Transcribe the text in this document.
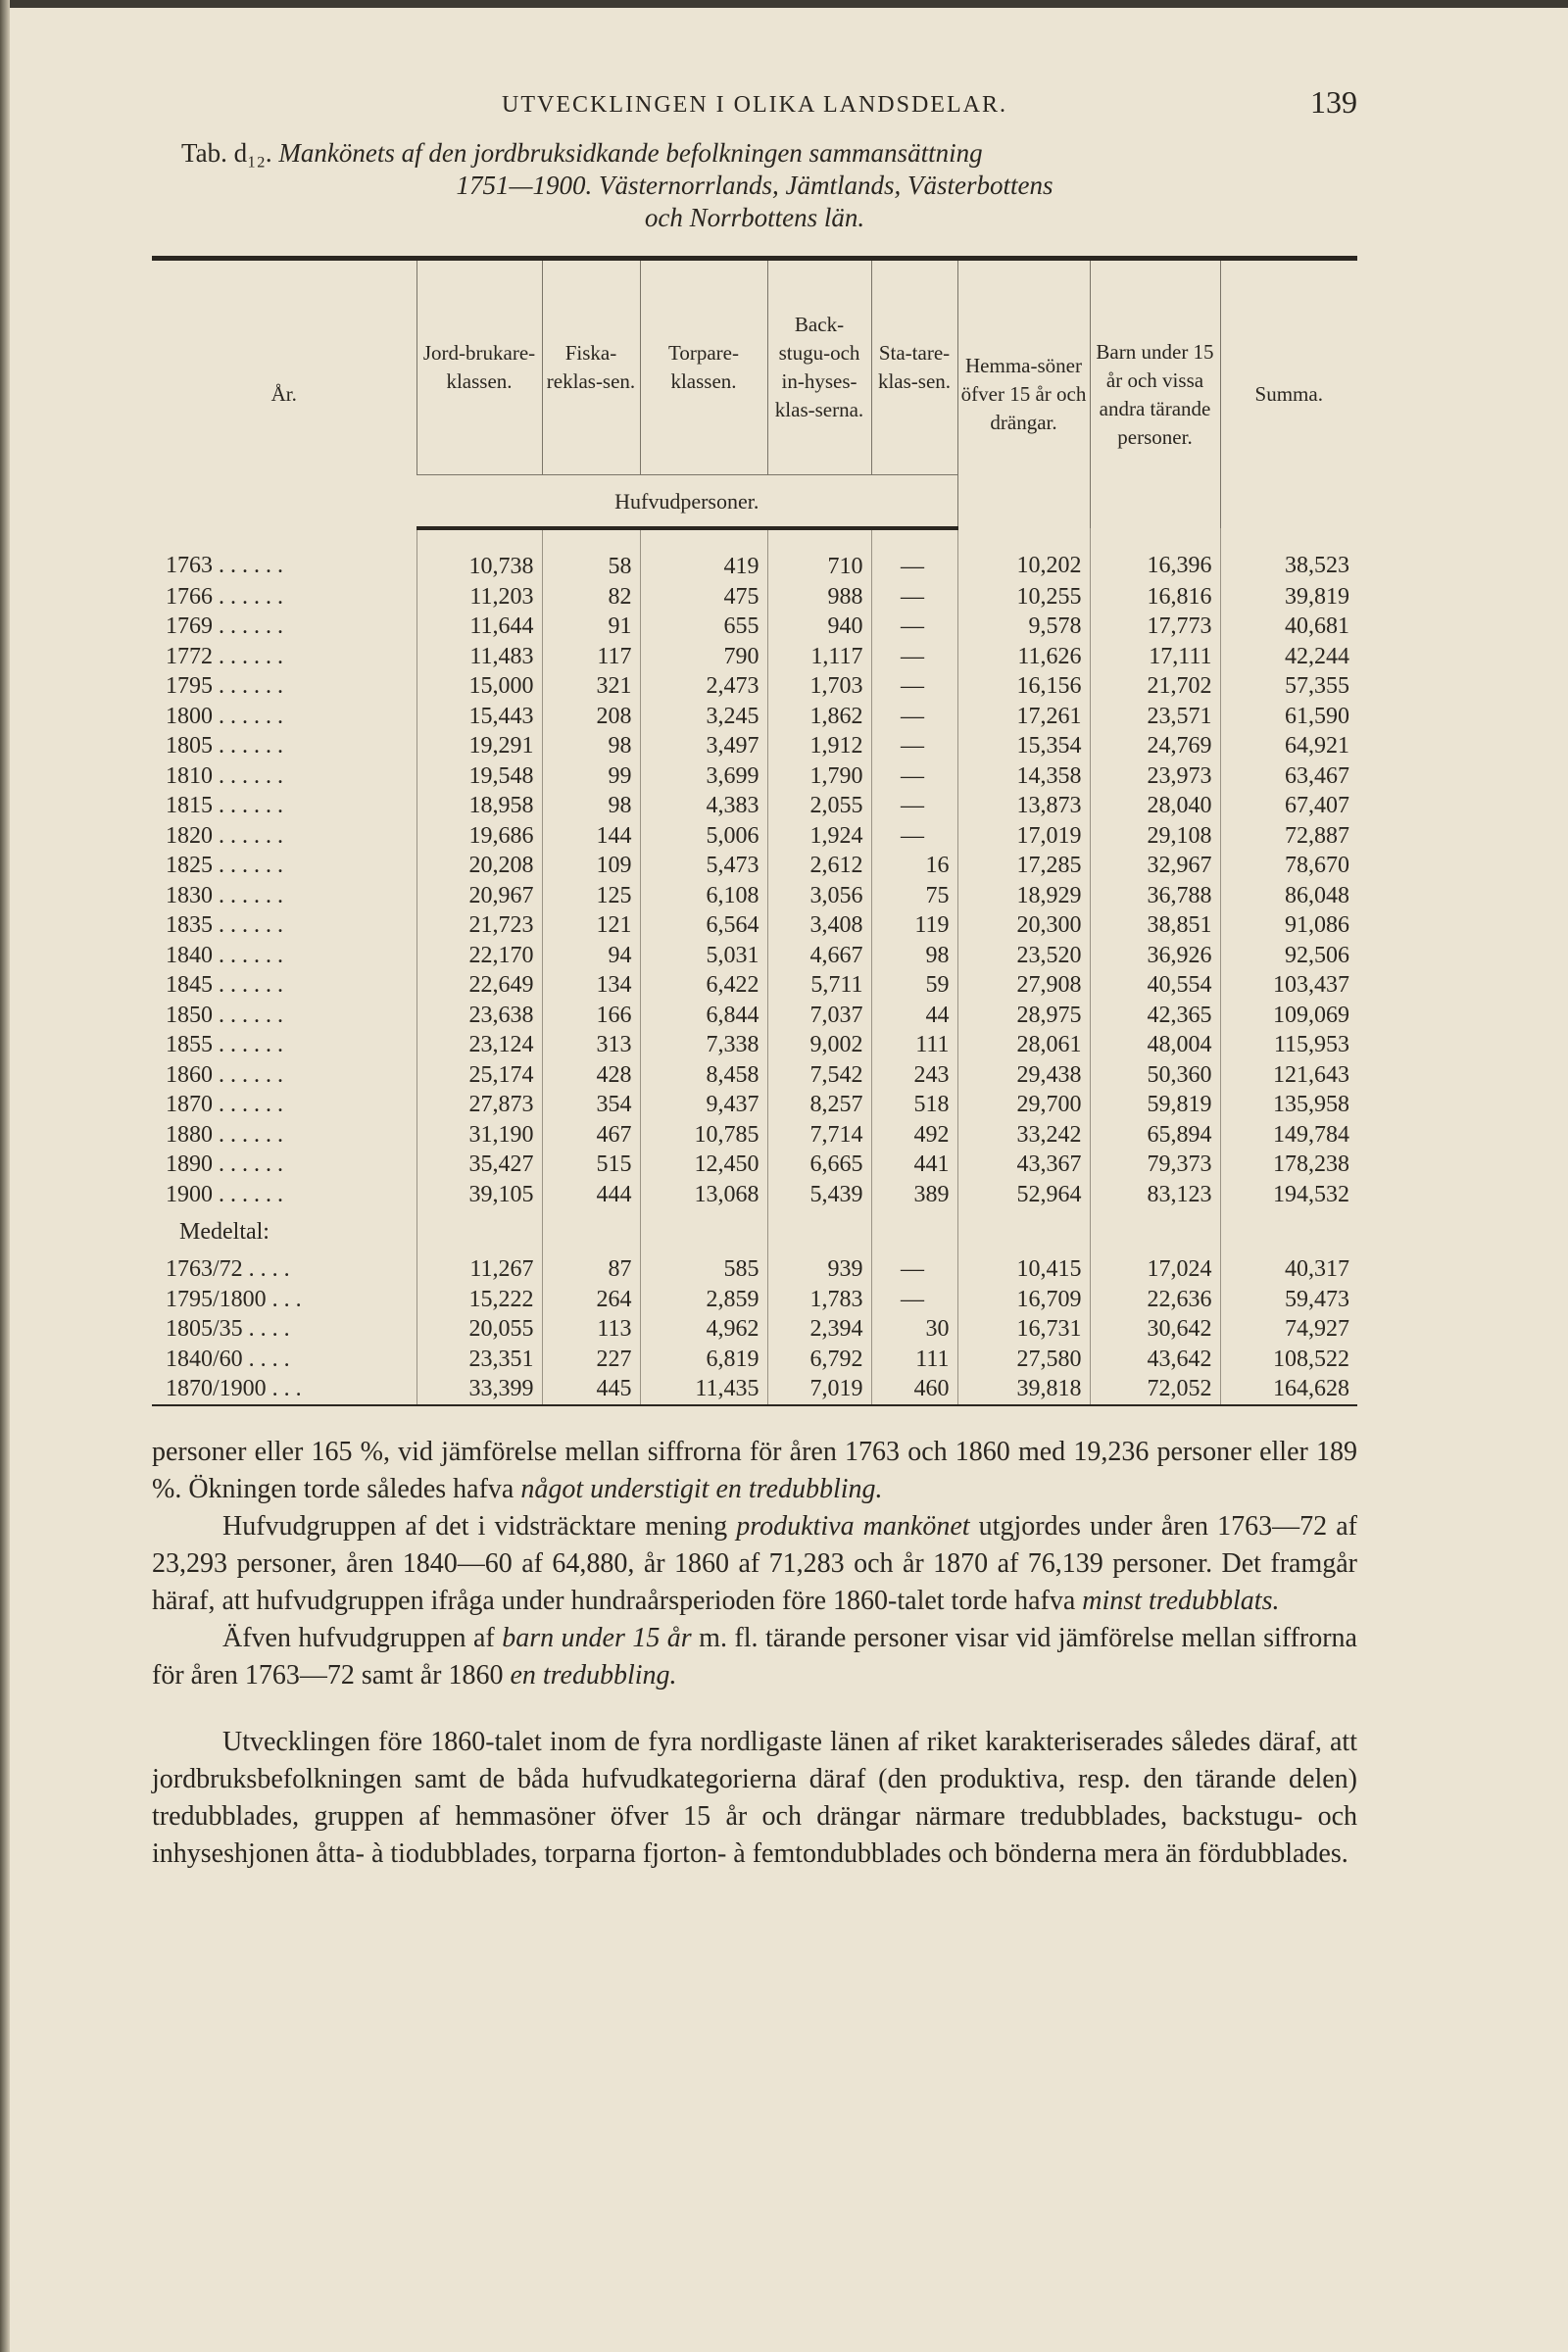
UTVECKLINGEN I OLIKA LANDSDELAR.	139
Tab. d₁₂. Mankönets af den jordbruksidkande befolkningen sammansättning
1751—1900. Västernorrlands, Jämtlands, Västerbottens
och Norrbottens län.
År.	Jord-brukare-klassen.	Fiska-reklas-sen.	Torpare-klassen.	Back-stugu-och in-hyses-klas-serna.	Sta-tare-klas-sen.	Hemma-söner öfver 15 år och drängar.	Barn under 15 år och vissa andra tärande personer.	Summa.
	Hufvudpersoner.							
1763 . . . . . .	10,738	58	419	710	—	10,202	16,396	38,523
1766 . . . . . .	11,203	82	475	988	—	10,255	16,816	39,819
1769 . . . . . .	11,644	91	655	940	—	9,578	17,773	40,681
1772 . . . . . .	11,483	117	790	1,117	—	11,626	17,111	42,244
1795 . . . . . .	15,000	321	2,473	1,703	—	16,156	21,702	57,355
1800 . . . . . .	15,443	208	3,245	1,862	—	17,261	23,571	61,590
1805 . . . . . .	19,291	98	3,497	1,912	—	15,354	24,769	64,921
1810 . . . . . .	19,548	99	3,699	1,790	—	14,358	23,973	63,467
1815 . . . . . .	18,958	98	4,383	2,055	—	13,873	28,040	67,407
1820 . . . . . .	19,686	144	5,006	1,924	—	17,019	29,108	72,887
1825 . . . . . .	20,208	109	5,473	2,612	16	17,285	32,967	78,670
1830 . . . . . .	20,967	125	6,108	3,056	75	18,929	36,788	86,048
1835 . . . . . .	21,723	121	6,564	3,408	119	20,300	38,851	91,086
1840 . . . . . .	22,170	94	5,031	4,667	98	23,520	36,926	92,506
1845 . . . . . .	22,649	134	6,422	5,711	59	27,908	40,554	103,437
1850 . . . . . .	23,638	166	6,844	7,037	44	28,975	42,365	109,069
1855 . . . . . .	23,124	313	7,338	9,002	111	28,061	48,004	115,953
1860 . . . . . .	25,174	428	8,458	7,542	243	29,438	50,360	121,643
1870 . . . . . .	27,873	354	9,437	8,257	518	29,700	59,819	135,958
1880 . . . . . .	31,190	467	10,785	7,714	492	33,242	65,894	149,784
1890 . . . . . .	35,427	515	12,450	6,665	441	43,367	79,373	178,238
1900 . . . . . .	39,105	444	13,068	5,439	389	52,964	83,123	194,532
Medeltal:								
1763/72 . . . .	11,267	87	585	939	—	10,415	17,024	40,317
1795/1800 . . .	15,222	264	2,859	1,783	—	16,709	22,636	59,473
1805/35 . . . .	20,055	113	4,962	2,394	30	16,731	30,642	74,927
1840/60 . . . .	23,351	227	6,819	6,792	111	27,580	43,642	108,522
1870/1900 . . .	33,399	445	11,435	7,019	460	39,818	72,052	164,628

personer eller 165 %, vid jämförelse mellan siffrorna för åren 1763 och 1860 med 19,236 personer eller 189 %. Ökningen torde således hafva något understigit en tredubbling.

Hufvudgruppen af det i vidsträcktare mening produktiva mankönet utgjordes under åren 1763—72 af 23,293 personer, åren 1840—60 af 64,880, år 1860 af 71,283 och år 1870 af 76,139 personer. Det framgår häraf, att hufvudgruppen ifråga under hundraårsperioden före 1860-talet torde hafva minst tredubblats.

Äfven hufvudgruppen af barn under 15 år m. fl. tärande personer visar vid jämförelse mellan siffrorna för åren 1763—72 samt år 1860 en tredubbling.

Utvecklingen före 1860-talet inom de fyra nordligaste länen af riket karakteriserades således däraf, att jordbruksbefolkningen samt de båda hufvudkategorierna däraf (den produktiva, resp. den tärande delen) tredubblades, gruppen af hemmasöner öfver 15 år och drängar närmare tredubblades, backstugu- och inhyseshjonen åtta- à tiodubblades, torparna fjorton- à femtondubblades och bönderna mera än fördubblades.
